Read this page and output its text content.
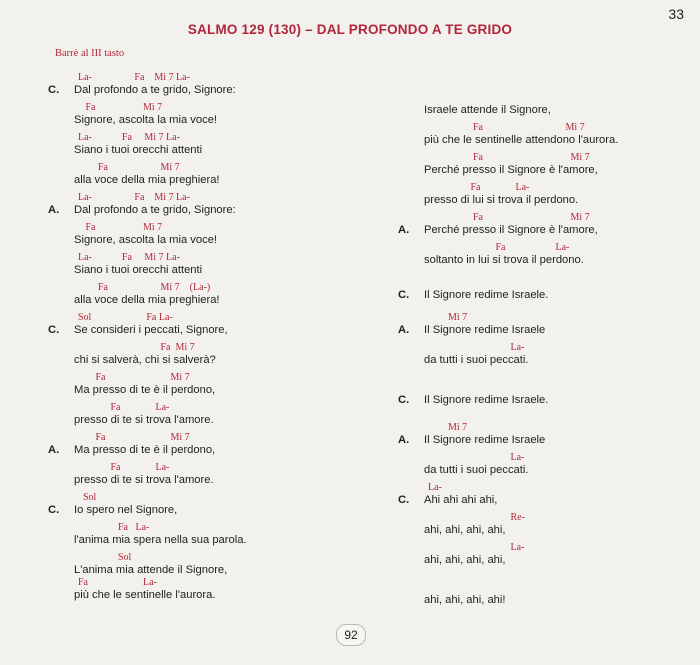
33
SALMO 129 (130) – DAL PROFONDO A TE GRIDO
Barrè al III tasto
La-                 Fa    Mi 7 La-
C. Dal profondo a te grido, Signore:
Fa                   Mi 7
Signore, ascolta la mia voce!
La-            Fa     Mi 7 La-
Siano i tuoi orecchi attenti
Fa                     Mi 7
alla voce della mia preghiera!
La-                 Fa    Mi 7 La-
A. Dal profondo a te grido, Signore:
Fa                   Mi 7
Signore, ascolta la mia voce!
La-            Fa     Mi 7 La-
Siano i tuoi orecchi attenti
Fa                     Mi 7    (La-)
alla voce della mia preghiera!
Sol                      Fa La-
C. Se consideri i peccati, Signore,
Fa  Mi 7
chi si salverà, chi si salverà?
Fa                          Mi 7
Ma presso di te è il perdono,
Fa              La-
presso di te si trova l'amore.
Fa                          Mi 7
A. Ma presso di te è il perdono,
Fa              La-
presso di te si trova l'amore.
Sol
C. Io spero nel Signore,
Fa   La-
l'anima mia spera nella sua parola.
Sol
L'anima mia attende il Signore,
Fa                      La-
più che le sentinelle l'aurora.
Israele attende il Signore,
Fa                                 Mi 7
più che le sentinelle attendono l'aurora.
Fa                                   Mi 7
Perché presso il Signore è l'amore,
Fa              La-
presso di lui si trova il perdono.
Fa                                   Mi 7
A. Perché presso il Signore è l'amore,
Fa                    La-
soltanto in lui si trova il perdono.
C. Il Signore redime Israele.
Mi 7
A. Il Signore redime Israele
La-
da tutti i suoi peccati.
C. Il Signore redime Israele.
Mi 7
A. Il Signore redime Israele
La-
da tutti i suoi peccati.
La-
C. Ahi ahi ahi ahi,
Re-
ahi, ahi, ahi, ahi,
La-
ahi, ahi, ahi, ahi,
ahi, ahi, ahi, ahi!
92
